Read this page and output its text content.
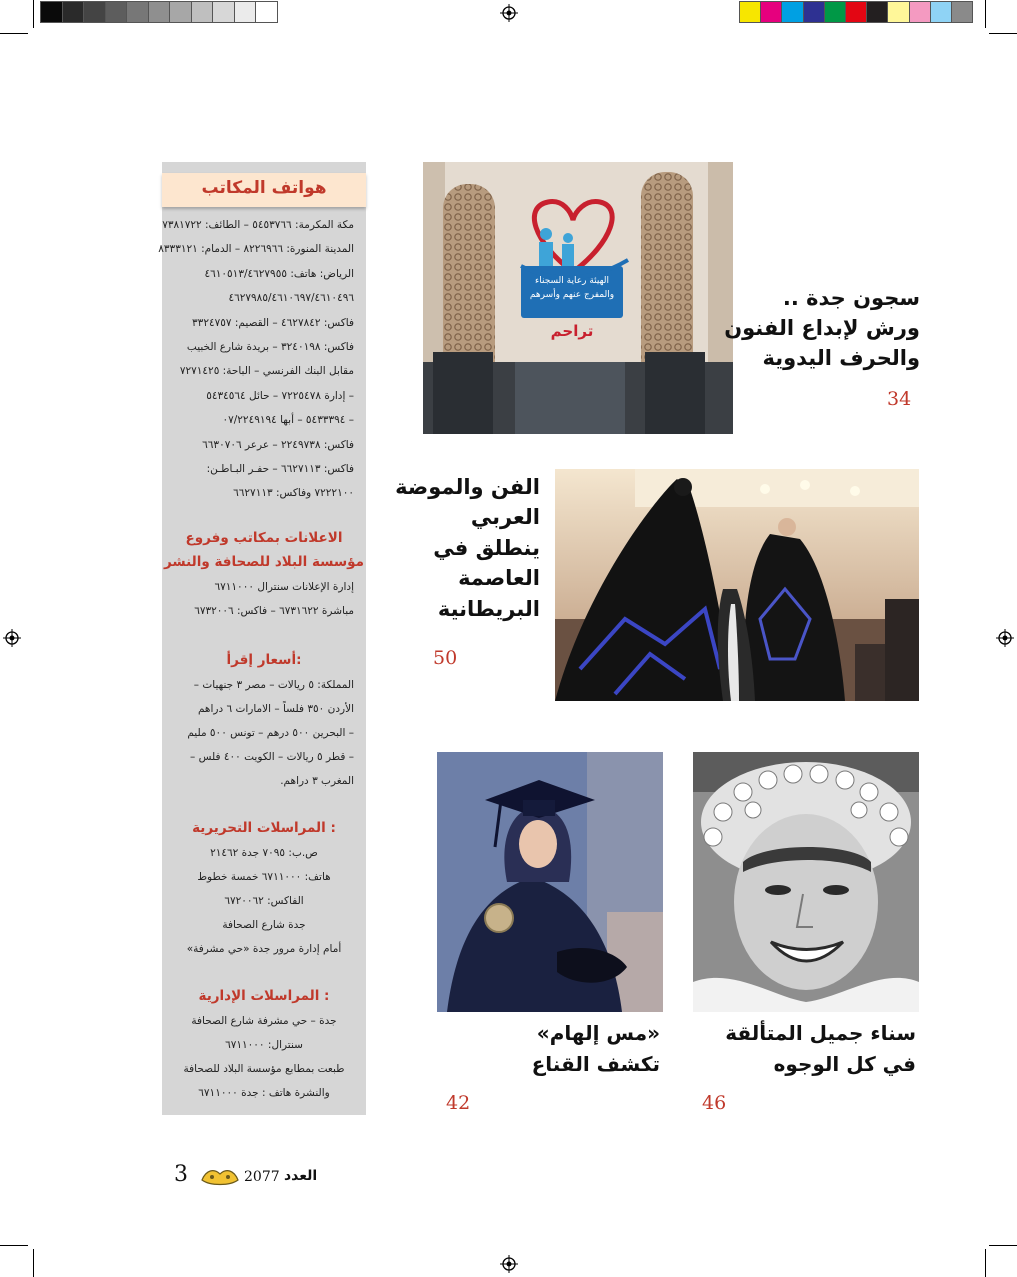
هواتف المكاتب
مكة المكرمة: ٥٤٥٣٧٦٦ – الطائف: ٧٣٨١٧٢٢
المدينة المنورة: ٨٢٢٦٩٦٦ – الدمام: ٨٣٣٣١٢١
الرياض: هاتف: ٤٦١٠٥١٣/٤٦٢٧٩٥٥
٤٦٢٧٩٨٥/٤٦١٠٦٩٧/٤٦١٠٤٩٦
فاكس: ٤٦٢٧٨٤٢ – القصيم: ٣٣٢٤٧٥٧
فاكس: ٣٢٤٠١٩٨ – بريدة شارع الخبيب
مقابل البنك الفرنسي – الباحة: ٧٢٧١٤٢٥
– إدارة ٧٢٢٥٤٧٨ – حائل ٥٤٣٤٥٦٤
– ٥٤٣٣٣٩٤ – أبها ٠٧/٢٢٤٩١٩٤
فاكس: ٢٢٤٩٧٣٨ – عرعر ٦٦٣٠٧٠٦
فاكس: ٦٦٢٧١١٣ – حفـر البـاطـن:
٧٢٢٢١٠٠ وفاكس: ٦٦٢٧١١٣
الاعلانات بمكاتب وفروع
مؤسسة البلاد للصحافة والنشر
إدارة الإعلانات سنترال ٦٧١١٠٠٠
مباشرة ٦٧٣١٦٢٢ – فاكس: ٦٧٣٢٠٠٦
أسعار إقرأ:
المملكة: ٥ ريالات – مصر ٣ جنهيات –
الأردن ٣٥٠ فلساً – الامارات ٦ دراهم
– البحرين ٥٠٠ درهم – تونس ٥٠٠ مليم
– قطر ٥ ريالات – الكويت ٤٠٠ فلس –
المغرب ٣ دراهم.
المراسلات التحريرية :
ص.ب: ٧٠٩٥ جدة ٢١٤٦٢
هاتف: ٦٧١١٠٠٠ خمسة خطوط
الفاكس: ٦٧٢٠٠٦٢
جدة شارع الصحافة
أمام إدارة مرور جدة «حي مشرفة»
المراسلات الإدارية :
جدة – حي مشرفة شارع الصحافة
سنترال: ٦٧١١٠٠٠
طبعت بمطابع مؤسسة البلاد للصحافة
والنشرة هاتف : جدة ٦٧١١٠٠٠
الهيئة رعاية السجناء
والمفرج عنهم وأسرهم
تراحم
سجون جدة ..
ورش لإبداع الفنون
والحرف اليدوية
34
الفن والموضة
العربي
ينطلق في
العاصمة
البريطانية
50
سناء جميل المتألقة
في كل الوجوه
46
«مس إلهام»
تكشف القناع
42
3	2077 العدد
